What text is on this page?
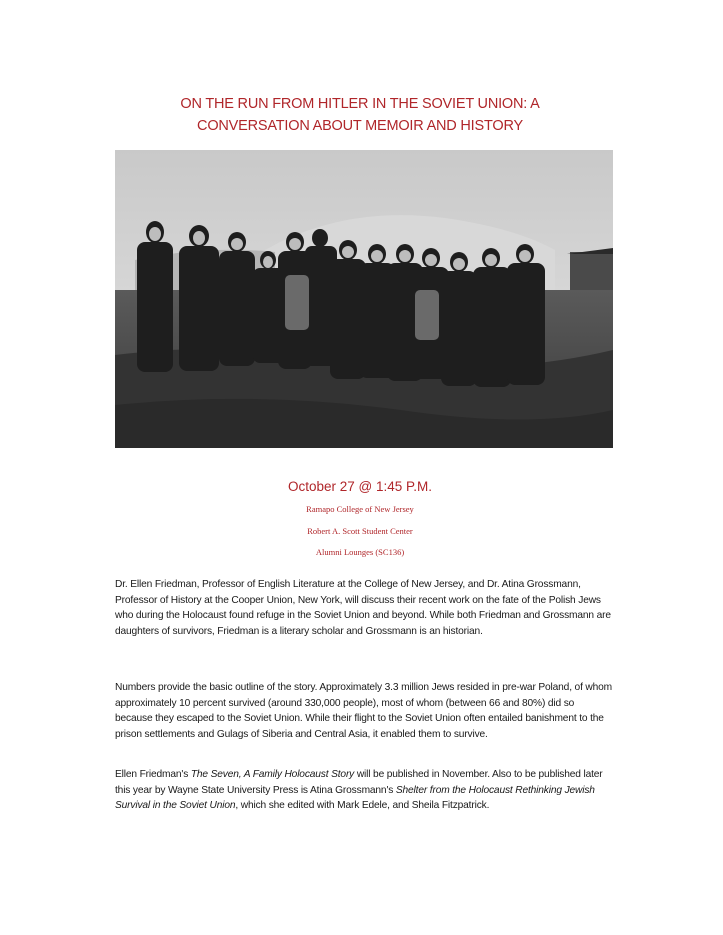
ON THE RUN FROM HITLER IN THE SOVIET UNION: A
CONVERSATION ABOUT MEMOIR AND HISTORY
October 27 @ 1:45 P.M.
Ramapo College of New Jersey
Robert A. Scott Student Center
Alumni Lounges (SC136)

Dr. Ellen Friedman, Professor of English Literature at the College of New Jersey, and Dr. Atina Grossmann, Professor of History at the Cooper Union, New York, will discuss their recent work on the fate of the Polish Jews who during the Holocaust found refuge in the Soviet Union and beyond. While both Friedman and Grossmann are daughters of survivors, Friedman is a literary scholar and Grossmann is an historian.

Numbers provide the basic outline of the story. Approximately 3.3 million Jews resided in pre-war Poland, of whom approximately 10 percent survived (around 330,000 people), most of whom (between 66 and 80%) did so because they escaped to the Soviet Union. While their flight to the Soviet Union often entailed banishment to the prison settlements and Gulags of Siberia and Central Asia, it enabled them to survive.

Ellen Friedman's The Seven, A Family Holocaust Story will be published in November. Also to be published later this year by Wayne State University Press is Atina Grossmann's Shelter from the Holocaust Rethinking Jewish Survival in the Soviet Union, which she edited with Mark Edele, and Sheila Fitzpatrick.
